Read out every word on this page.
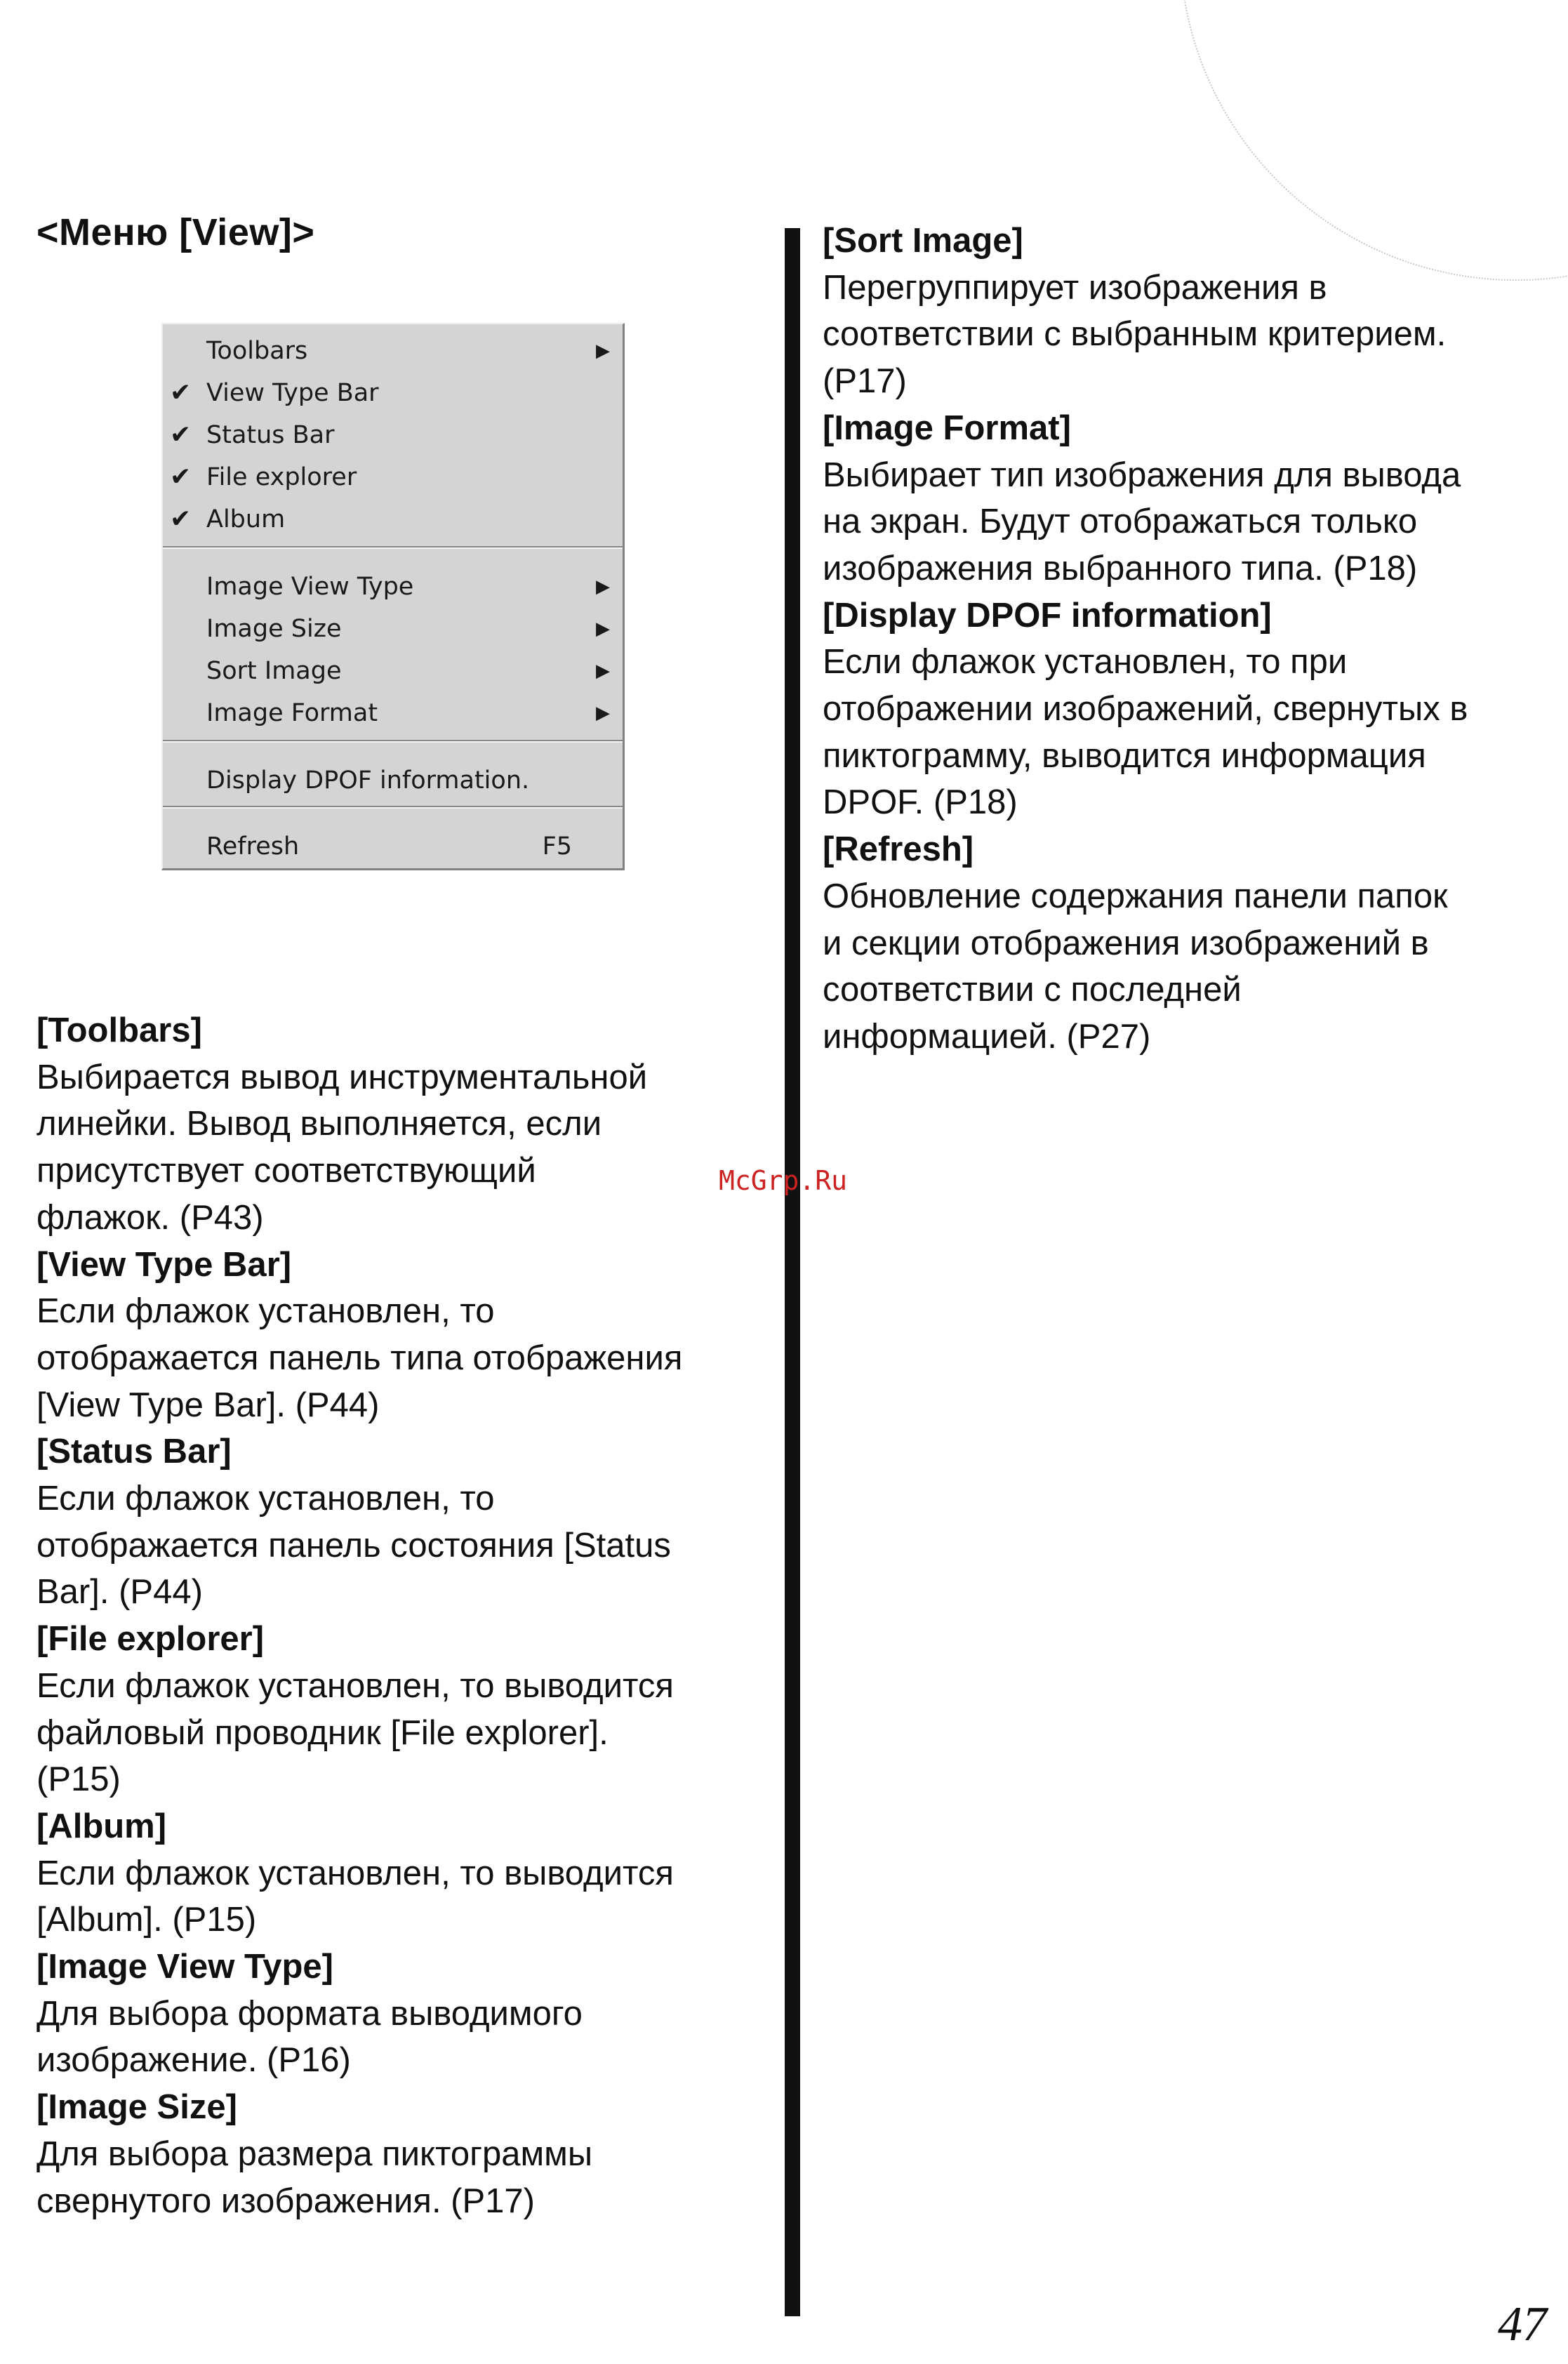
<Меню [View]>
Toolbars	▶
✔ View Type Bar
✔ Status Bar
✔ File explorer
✔ Album
Image View Type	▶
Image Size	▶
Sort Image	▶
Image Format	▶
Display DPOF information.
Refresh	F5
[Toolbars]
Выбирается вывод инструментальной
линейки. Вывод выполняется, если
присутствует соответствующий
флажок. (P43)
[View Type Bar]
Если флажок установлен, то
отображается панель типа отображения
[View Type Bar]. (P44)
[Status Bar]
Если флажок установлен, то
отображается панель состояния [Status
Bar]. (P44)
[File explorer]
Если флажок установлен, то выводится
файловый проводник [File explorer].
(P15)
[Album]
Если флажок установлен, то выводится
[Album]. (P15)
[Image View Type]
Для выбора формата выводимого
изображение. (P16)
[Image Size]
Для выбора размера пиктограммы
свернутого изображения. (P17)
[Sort Image]
Перегруппирует изображения в
соответствии с выбранным критерием.
(P17)
[Image Format]
Выбирает тип изображения для вывода
на экран. Будут отображаться только
изображения выбранного типа. (P18)
[Display DPOF information]
Если флажок установлен, то при
отображении изображений, свернутых в
пиктограмму, выводится информация
DPOF. (P18)
[Refresh]
Обновление содержания панели папок
и секции отображения изображений в
соответствии с последней
информацией. (P27)
McGrp.Ru
47
